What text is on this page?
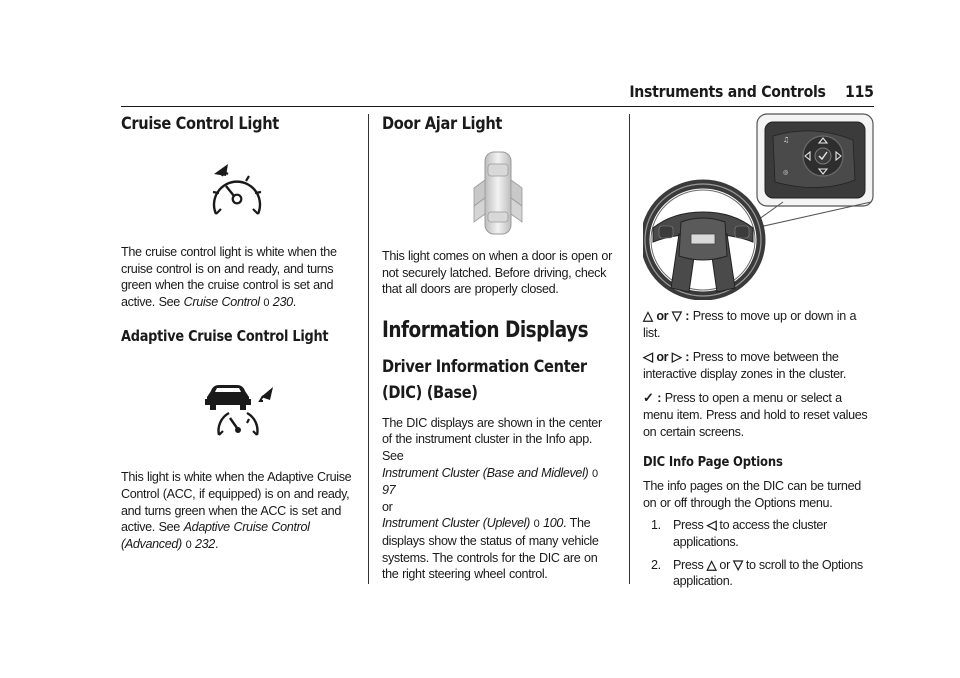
Instruments and Controls 115
Cruise Control Light

The cruise control light is white when the cruise control is on and ready, and turns green when the cruise control is set and active. See Cruise Control 0 230.

Adaptive Cruise Control Light

This light is white when the Adaptive Cruise Control (ACC, if equipped) is on and ready, and turns green when the ACC is set and active. See Adaptive Cruise Control (Advanced) 0 232.

Door Ajar Light

This light comes on when a door is open or not securely latched. Before driving, check that all doors are properly closed.

Information Displays
Driver Information Center
(DIC) (Base)

The DIC displays are shown in the center of the instrument cluster in the Info app. See
Instrument Cluster (Base and Midlevel) 0 97
or
Instrument Cluster (Uplevel) 0 100. The displays show the status of many vehicle systems. The controls for the DIC are on the right steering wheel control.

♫
◎

△ or ▽ : Press to move up or down in a list.

◁ or ▷ : Press to move between the interactive display zones in the cluster.

✓ : Press to open a menu or select a menu item. Press and hold to reset values on certain screens.

DIC Info Page Options

The info pages on the DIC can be turned on or off through the Options menu.

1. Press ◁ to access the cluster applications.
2. Press △ or ▽ to scroll to the Options application.
